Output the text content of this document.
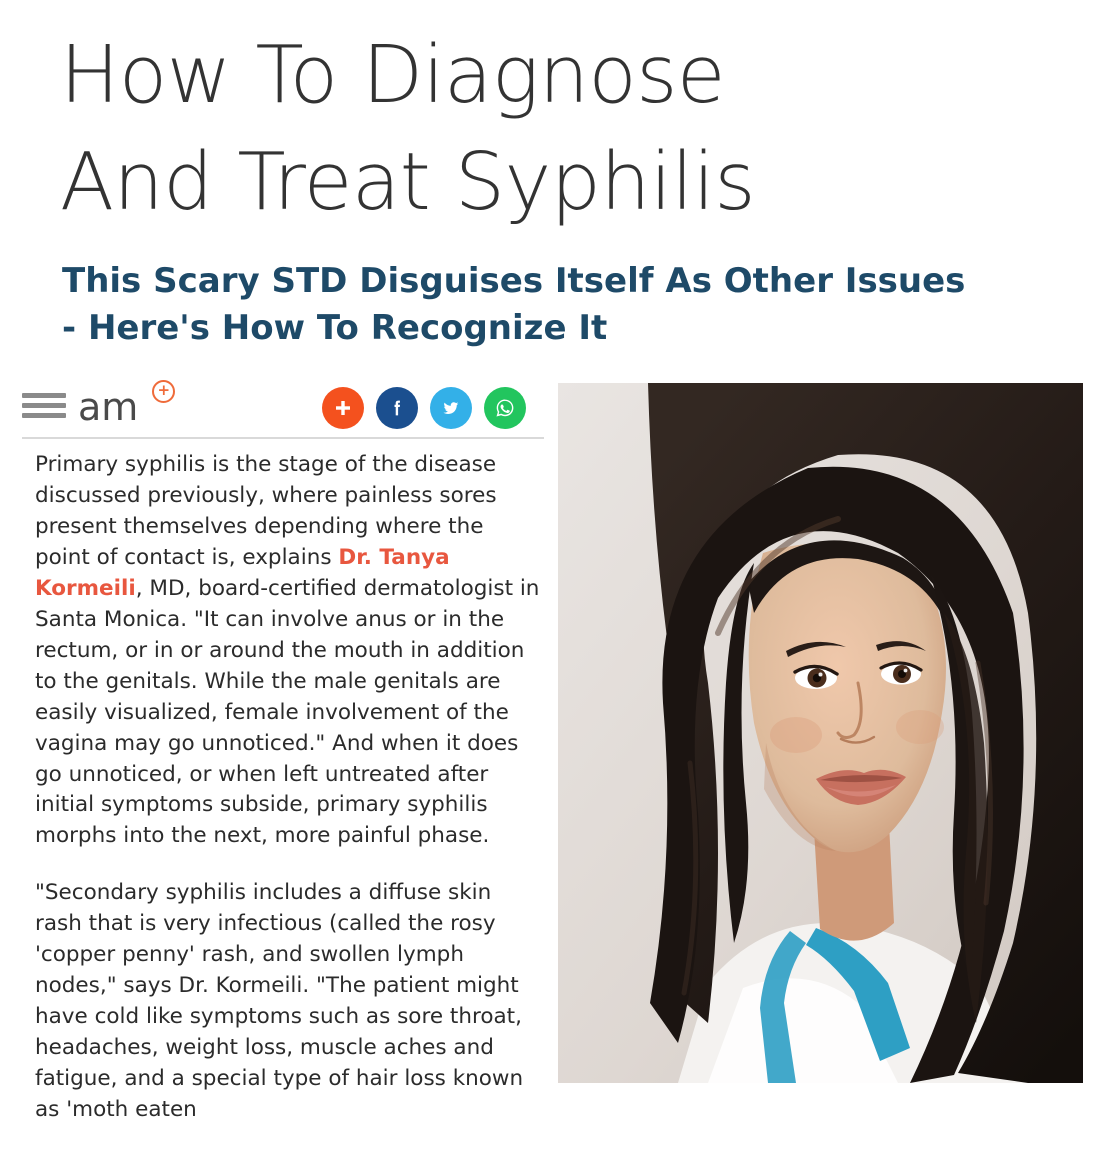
How To Diagnose
And Treat Syphilis
This Scary STD Disguises Itself As Other Issues
- Here's How To Recognize It
am	+

Primary syphilis is the stage of the disease discussed previously, where painless sores present themselves depending where the point of contact is, explains Dr. Tanya Kormeili, MD, board-certified dermatologist in Santa Monica. "It can involve anus or in the rectum, or in or around the mouth in addition to the genitals. While the male genitals are easily visualized, female involvement of the vagina may go unnoticed." And when it does go unnoticed, or when left untreated after initial symptoms subside, primary syphilis morphs into the next, more painful phase.

"Secondary syphilis includes a diffuse skin rash that is very infectious (called the rosy 'copper penny' rash, and swollen lymph nodes," says Dr. Kormeili. "The patient might have cold like symptoms such as sore throat, headaches, weight loss, muscle aches and fatigue, and a special type of hair loss known as 'moth eaten
